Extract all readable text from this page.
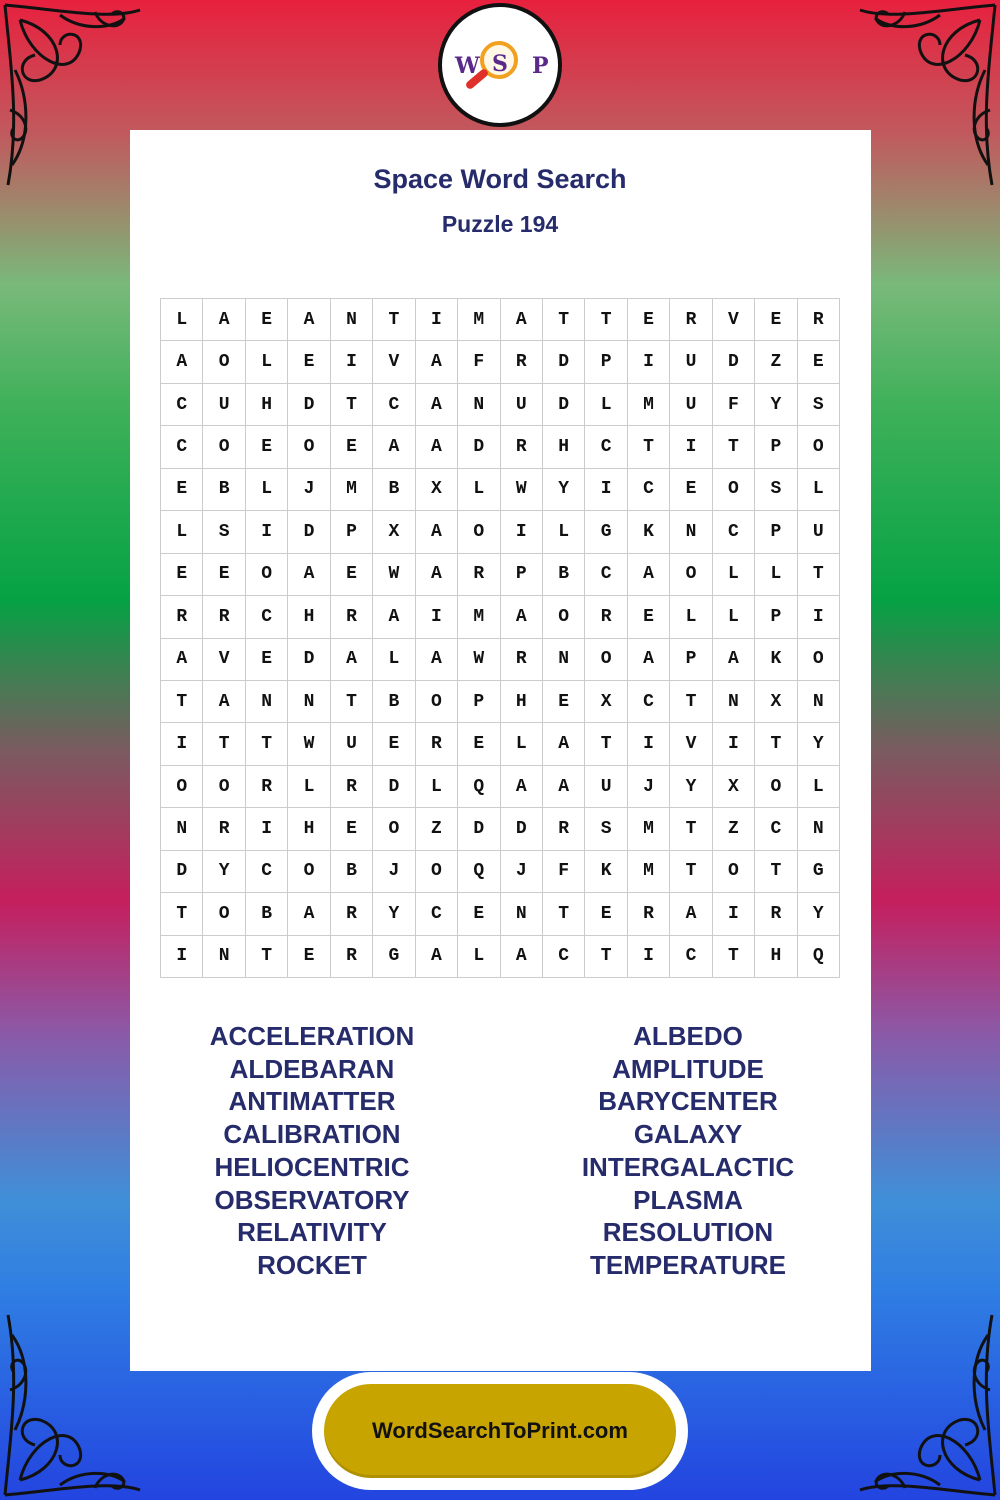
W S P
Space Word Search
Puzzle 194
L	A	E	A	N	T	I	M	A	T	T	E	R	V	E	R
A	O	L	E	I	V	A	F	R	D	P	I	U	D	Z	E
C	U	H	D	T	C	A	N	U	D	L	M	U	F	Y	S
C	O	E	O	E	A	A	D	R	H	C	T	I	T	P	O
E	B	L	J	M	B	X	L	W	Y	I	C	E	O	S	L
L	S	I	D	P	X	A	O	I	L	G	K	N	C	P	U
E	E	O	A	E	W	A	R	P	B	C	A	O	L	L	T
R	R	C	H	R	A	I	M	A	O	R	E	L	L	P	I
A	V	E	D	A	L	A	W	R	N	O	A	P	A	K	O
T	A	N	N	T	B	O	P	H	E	X	C	T	N	X	N
I	T	T	W	U	E	R	E	L	A	T	I	V	I	T	Y
O	O	R	L	R	D	L	Q	A	A	U	J	Y	X	O	L
N	R	I	H	E	O	Z	D	D	R	S	M	T	Z	C	N
D	Y	C	O	B	J	O	Q	J	F	K	M	T	O	T	G
T	O	B	A	R	Y	C	E	N	T	E	R	A	I	R	Y
I	N	T	E	R	G	A	L	A	C	T	I	C	T	H	Q
ACCELERATION
ALDEBARAN
ANTIMATTER
CALIBRATION
HELIOCENTRIC
OBSERVATORY
RELATIVITY
ROCKET
ALBEDO
AMPLITUDE
BARYCENTER
GALAXY
INTERGALACTIC
PLASMA
RESOLUTION
TEMPERATURE
WordSearchToPrint.com
